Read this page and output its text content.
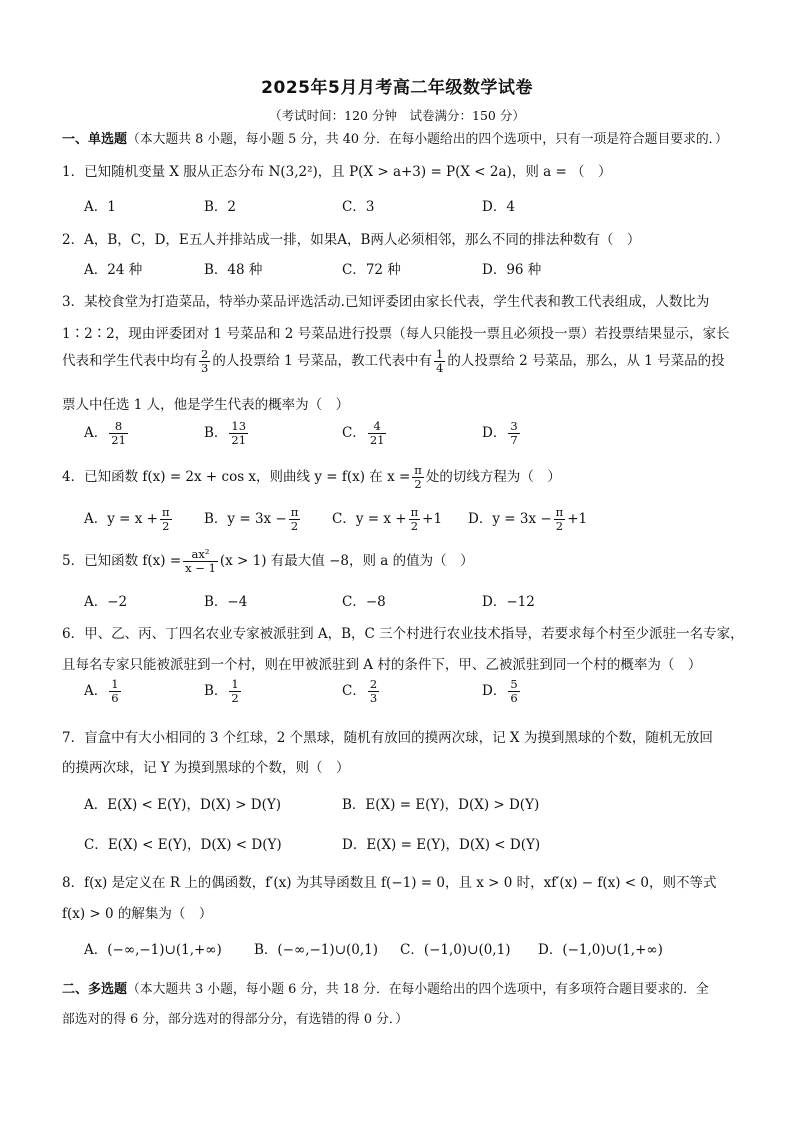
2025年5月月考高二年级数学试卷
（考试时间：120 分钟　试卷满分：150 分）
一、单选题（本大题共 8 小题，每小题 5 分，共 40 分．在每小题给出的四个选项中，只有一项是符合题目要求的．）
1．已知随机变量 X 服从正态分布 N(3,2²)，且 P(X > a+3) = P(X < 2a)，则 a = （　）
A．1	B．2	C．3	D．4
2．A，B，C，D，E五人并排站成一排，如果A，B两人必须相邻，那么不同的排法种数有（　）
A．24 种	B．48 种	C．72 种	D．96 种
3．某校食堂为打造菜品，特举办菜品评选活动.已知评委团由家长代表，学生代表和教工代表组成，人数比为
1∶2∶2，现由评委团对 1 号菜品和 2 号菜品进行投票（每人只能投一票且必须投一票）若投票结果显示，家长
代表和学生代表中均有 $\frac{2}{3}$ 的人投票给 1 号菜品，教工代表中有 $\frac{1}{4}$ 的人投票给 2 号菜品，那么，从 1 号菜品的投
票人中任选 1 人，他是学生代表的概率为（　）
A． $\frac{8}{21}$	B． $\frac{13}{21}$	C． $\frac{4}{21}$	D． $\frac{3}{7}$
4．已知函数 f(x) = 2x + cos x，则曲线 y = f(x) 在 $x = \frac{\pi}{2}$ 处的切线方程为（　）
A．$y = x + \frac{\pi}{2}$ B．$y = 3x - \frac{\pi}{2}$ C．$y = x + \frac{\pi}{2} +1$ D．$y = 3x - \frac{\pi}{2} +1$
5．已知函数 $f(x) = \frac{\text{ax²}}{x - 1} (x > 1)$ 有最大值 −8，则 a 的值为（　）
A．−2	B．−4	C．−8	D．−12
6．甲、乙、丙、丁四名农业专家被派驻到 A，B，C 三个村进行农业技术指导，若要求每个村至少派驻一名专家，
且每名专家只能被派驻到一个村，则在甲被派驻到 A 村的条件下，甲、乙被派驻到同一个村的概率为（　）
A． $\frac{1}{6}$	B． $\frac{1}{2}$	C． $\frac{2}{3}$	D． $\frac{5}{6}$
7．盲盒中有大小相同的 3 个红球，2 个黑球，随机有放回的摸两次球，记 X 为摸到黑球的个数，随机无放回
的摸两次球，记 Y 为摸到黑球的个数，则（　）
A．E(X) < E(Y)，D(X) > D(Y)	B．E(X) = E(Y)，D(X) > D(Y)
C．E(X) < E(Y)，D(X) < D(Y)	D．E(X) = E(Y)，D(X) < D(Y)
8．f(x) 是定义在 R 上的偶函数，f′(x) 为其导函数且 f(−1) = 0，且 x > 0 时，xf′(x) − f(x) < 0，则不等式
f(x) > 0 的解集为（　）
A．(−∞,−1)∪(1,+∞) B．(−∞,−1)∪(0,1) C．(−1,0)∪(0,1) D．(−1,0)∪(1,+∞)
二、多选题（本大题共 3 小题，每小题 6 分，共 18 分．在每小题给出的四个选项中，有多项符合题目要求的．全
部选对的得 6 分，部分选对的得部分分，有选错的得 0 分．）
